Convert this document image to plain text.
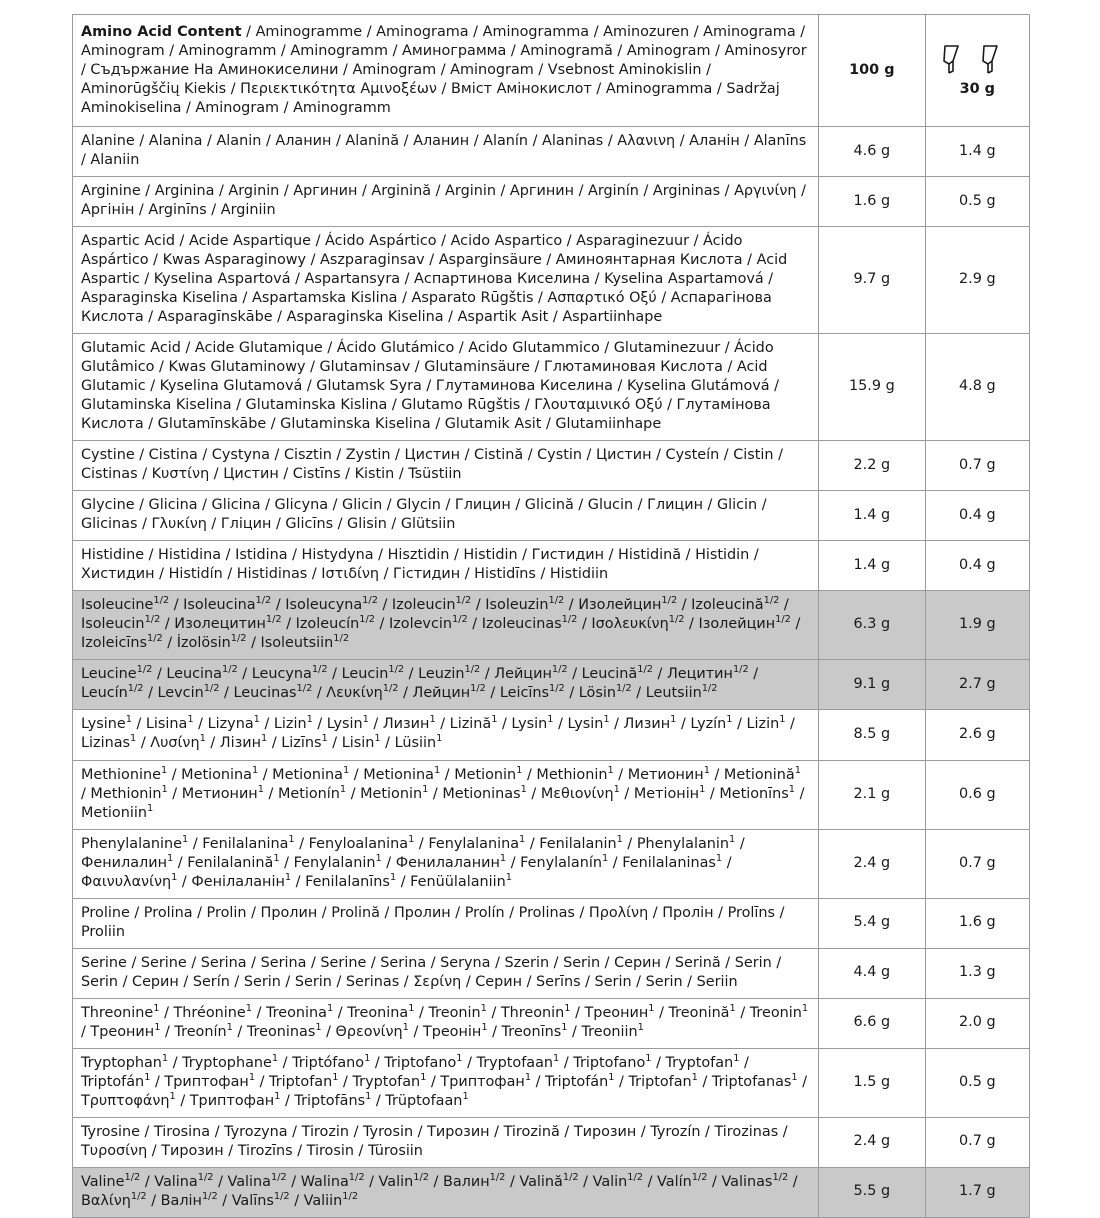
Amino Acid Content / Aminogramme / Aminograma / Aminogramma / Aminozuren / Aminograma / Aminogram / Aminogramm / Aminogramm / Аминограмма / Aminogramă / Aminogram / Aminosyror / Съдържание На Аминокиселини / Aminogram / Aminogram / Vsebnost Aminokislin / Aminorūgščių Kiekis / Περιεκτικότητα Αμινοξέων / Вміст Амінокислот / Aminogramma / Sadržaj Aminokiselina / Aminogram / Aminogramm	100 g	30 g
Alanine / Alanina / Alanin / Аланин / Alanină / Аланин / Alanín / Alaninas / Αλανινη / Аланін / Alanīns / Alaniin	4.6 g	1.4 g
Arginine / Arginina / Arginin / Аргинин / Arginină / Arginin / Аргинин / Arginín / Argininas / Αργινίνη / Аргінін / Arginīns / Arginiin	1.6 g	0.5 g
Aspartic Acid / Acide Aspartique / Ácido Aspártico / Acido Aspartico / Asparaginezuur / Ácido Aspártico / Kwas Asparaginowy / Aszparaginsav / Asparginsäure / Аминоянтарная Кислота / Acid Aspartic / Kyselina Aspartová / Aspartansyra / Аспартинова Киселина / Kyselina Aspartamová / Asparaginska Kiselina / Aspartamska Kislina / Asparato Rūgštis / Ασπαρτικό Οξύ / Аспарагінова Кислота / Asparagīnskābe / Asparaginska Kiselina / Aspartik Asit / Aspartiinhape	9.7 g	2.9 g
Glutamic Acid / Acide Glutamique / Ácido Glutámico / Acido Glutammico / Glutaminezuur / Ácido Glutâmico / Kwas Glutaminowy / Glutaminsav / Glutaminsäure / Глютаминовая Кислота / Acid Glutamic / Kyselina Glutamová / Glutamsk Syra / Глутаминова Киселина / Kyselina Glutámová / Glutaminska Kiselina / Glutaminska Kislina / Glutamo Rūgštis / Γλουταμινικό Οξύ / Глутамінова Кислота / Glutamīnskābe / Glutaminska Kiselina / Glutamik Asit / Glutamiinhape	15.9 g	4.8 g
Cystine / Cistina / Cystyna / Cisztin / Zystin / Цистин / Cistină / Cystin / Цистин / Cysteín / Cistin / Cistinas / Κυστίνη / Цистин / Cistīns / Kistin / Tsüstiin	2.2 g	0.7 g
Glycine / Glicina / Glicina / Glicyna / Glicin / Glycin / Глицин / Glicină / Glucin / Глицин / Glicin / Glicinas / Γλυκίνη / Гліцин / Glicīns / Glisin / Glütsiin	1.4 g	0.4 g
Histidine / Histidina / Istidina / Histydyna / Hisztidin / Histidin / Гистидин / Histidină / Histidin / Хистидин / Histidín / Histidinas / Ιστιδίνη / Гістидин / Histidīns / Histidiin	1.4 g	0.4 g
Isoleucine$^{1/2}$ / Isoleucina$^{1/2}$ / Isoleucyna$^{1/2}$ / Izoleucin$^{1/2}$ / Isoleuzin$^{1/2}$ / Изолейцин$^{1/2}$ / Izoleucină$^{1/2}$ / Isoleucin$^{1/2}$ / Изолецитин$^{1/2}$ / Izoleucín$^{1/2}$ / Izolevcin$^{1/2}$ / Izoleucinas$^{1/2}$ / Ισολευκίνη$^{1/2}$ / Ізолейцин$^{1/2}$ / Izoleicīns$^{1/2}$ / İzolösin$^{1/2}$ / Isoleutsiin$^{1/2}$	6.3 g	1.9 g
Leucine$^{1/2}$ / Leucina$^{1/2}$ / Leucyna$^{1/2}$ / Leucin$^{1/2}$ / Leuzin$^{1/2}$ / Лейцин$^{1/2}$ / Leucină$^{1/2}$ / Лецитин$^{1/2}$ / Leucín$^{1/2}$ / Levcin$^{1/2}$ / Leucinas$^{1/2}$ / Λευκίνη$^{1/2}$ / Лейцин$^{1/2}$ / Leicīns$^{1/2}$ / Lösin$^{1/2}$ / Leutsiin$^{1/2}$	9.1 g	2.7 g
Lysine$^1$ / Lisina$^1$ / Lizyna$^1$ / Lizin$^1$ / Lysin$^1$ / Лизин$^1$ / Lizină$^1$ / Lysin$^1$ / Lysin$^1$ / Лизин$^1$ / Lyzín$^1$ / Lizin$^1$ / Lizinas$^1$ / Λυσίνη$^1$ / Лізин$^1$ / Lizīns$^1$ / Lisin$^1$ / Lüsiin$^1$	8.5 g	2.6 g
Methionine$^1$ / Metionina$^1$ / Metionina$^1$ / Metionina$^1$ / Metionin$^1$ / Methionin$^1$ / Метионин$^1$ / Metionină$^1$ / Methionin$^1$ / Метионин$^1$ / Metionín$^1$ / Metionin$^1$ / Metioninas$^1$ / Μεθιονίνη$^1$ / Метіонін$^1$ / Metionīns$^1$ / Metioniin$^1$	2.1 g	0.6 g
Phenylalanine$^1$ / Fenilalanina$^1$ / Fenyloalanina$^1$ / Fenylalanina$^1$ / Fenilalanin$^1$ / Phenylalanin$^1$ / Фенилалин$^1$ / Fenilalanină$^1$ / Fenylalanin$^1$ / Фенилаланин$^1$ / Fenylalanín$^1$ / Fenilalaninas$^1$ / Φαινυλανίνη$^1$ / Фенілаланін$^1$ / Fenilalanīns$^1$ / Fenüülalaniin$^1$	2.4 g	0.7 g
Proline / Prolina / Prolin / Пролин / Prolină / Пролин / Prolín / Prolinas / Προλίνη / Пролін / Prolīns / Proliin	5.4 g	1.6 g
Serine / Serine / Serina / Serina / Serine / Serina / Seryna / Szerin / Serin / Серин / Serină / Serin / Serin / Серин / Serín / Serin / Serin / Serinas / Σερίνη / Серин / Serīns / Serin / Serin / Seriin	4.4 g	1.3 g
Threonine$^1$ / Thréonine$^1$ / Treonina$^1$ / Treonina$^1$ / Treonin$^1$ / Threonin$^1$ / Треонин$^1$ / Treonină$^1$ / Treonin$^1$ / Треонин$^1$ / Treonín$^1$ / Treoninas$^1$ / Θρεονίνη$^1$ / Треонін$^1$ / Treonīns$^1$ / Treoniin$^1$	6.6 g	2.0 g
Tryptophan$^1$ / Tryptophane$^1$ / Triptófano$^1$ / Triptofano$^1$ / Tryptofaan$^1$ / Triptofano$^1$ / Tryptofan$^1$ / Triptofán$^1$ / Триптофан$^1$ / Triptofan$^1$ / Tryptofan$^1$ / Триптофан$^1$ / Triptofán$^1$ / Triptofan$^1$ / Triptofanas$^1$ / Τρυπτοφάνη$^1$ / Триптофан$^1$ / Triptofāns$^1$ / Trüptofaan$^1$	1.5 g	0.5 g
Tyrosine / Tirosina / Tyrozyna / Tirozin / Tyrosin / Тирозин / Tirozină / Тирозин / Tyrozín / Tirozinas / Τυροσίνη / Тирозин / Tirozīns / Tirosin / Türosiin	2.4 g	0.7 g
Valine$^{1/2}$ / Valina$^{1/2}$ / Valina$^{1/2}$ / Walina$^{1/2}$ / Valin$^{1/2}$ / Валин$^{1/2}$ / Valină$^{1/2}$ / Valin$^{1/2}$ / Valín$^{1/2}$ / Valinas$^{1/2}$ / Βαλίνη$^{1/2}$ / Валін$^{1/2}$ / Valīns$^{1/2}$ / Valiin$^{1/2}$	5.5 g	1.7 g
